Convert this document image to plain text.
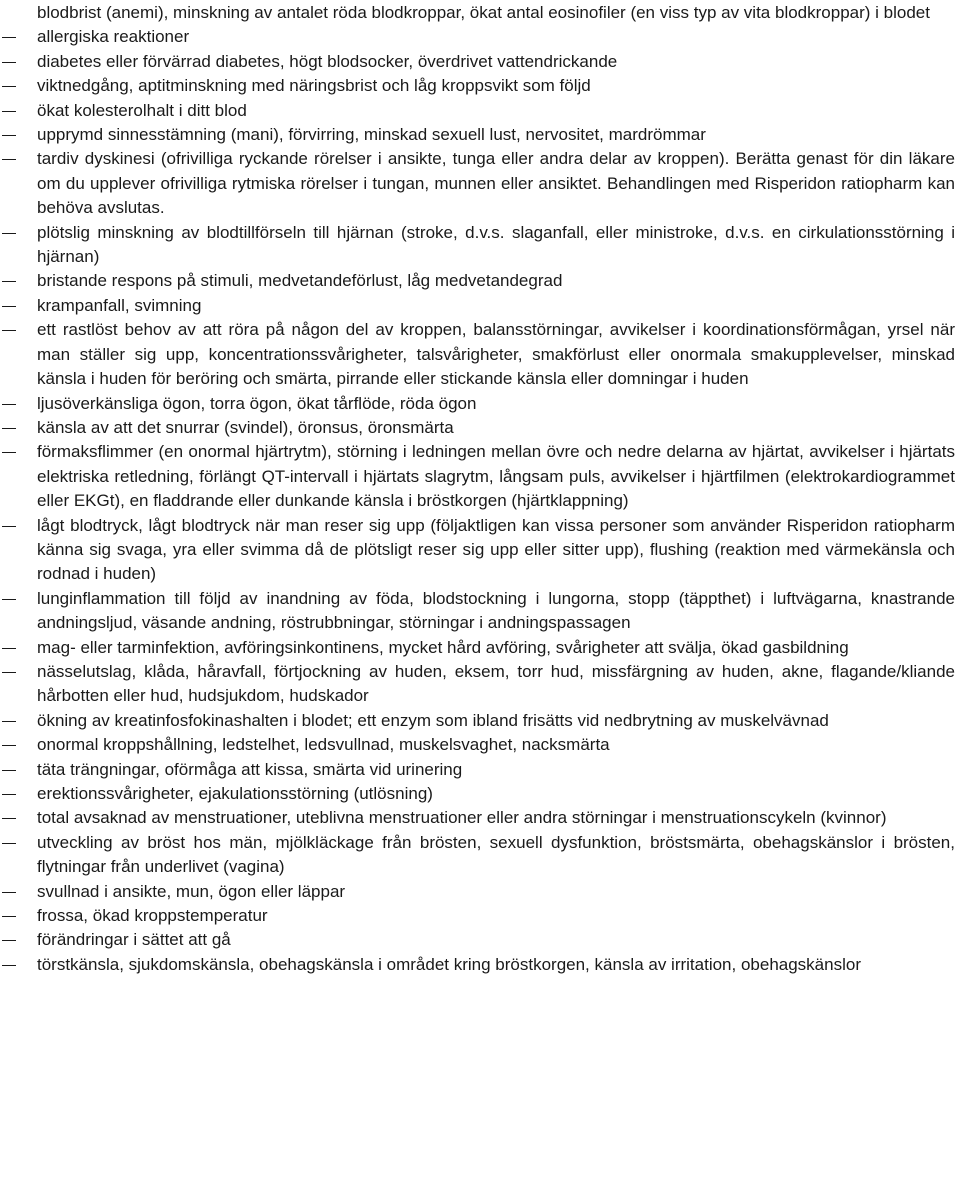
blodbrist (anemi), minskning av antalet röda blodkroppar, ökat antal eosinofiler (en viss typ av vita blodkroppar) i blodet
allergiska reaktioner
diabetes eller förvärrad diabetes, högt blodsocker, överdrivet vattendrickande
viktnedgång, aptitminskning med näringsbrist och låg kroppsvikt som följd
ökat kolesterolhalt i ditt blod
upprymd sinnesstämning (mani), förvirring, minskad sexuell lust, nervositet, mardrömmar
tardiv dyskinesi (ofrivilliga ryckande rörelser i ansikte, tunga eller andra delar av kroppen). Berätta genast för din läkare om du upplever ofrivilliga rytmiska rörelser i tungan, munnen eller ansiktet. Behandlingen med Risperidon ratiopharm kan behöva avslutas.
plötslig minskning av blodtillförseln till hjärnan (stroke, d.v.s. slaganfall, eller ministroke, d.v.s. en cirkulationsstörning i hjärnan)
bristande respons på stimuli, medvetandeförlust, låg medvetandegrad
krampanfall, svimning
ett rastlöst behov av att röra på någon del av kroppen, balansstörningar, avvikelser i koordinationsförmågan, yrsel när man ställer sig upp, koncentrationssvårigheter, talsvårigheter, smakförlust eller onormala smakupplevelser, minskad känsla i huden för beröring och smärta, pirrande eller stickande känsla eller domningar i huden
ljusöverkänsliga ögon, torra ögon, ökat tårflöde, röda ögon
känsla av att det snurrar (svindel), öronsus, öronsmärta
förmaksflimmer (en onormal hjärtrytm), störning i ledningen mellan övre och nedre delarna av hjärtat, avvikelser i hjärtats elektriska retledning, förlängt QT-intervall i hjärtats slagrytm, långsam puls, avvikelser i hjärtfilmen (elektrokardiogrammet eller EKGt), en fladdrande eller dunkande känsla i bröstkorgen (hjärtklappning)
lågt blodtryck, lågt blodtryck när man reser sig upp (följaktligen kan vissa personer som använder Risperidon ratiopharm känna sig svaga, yra eller svimma då de plötsligt reser sig upp eller sitter upp), flushing (reaktion med värmekänsla och rodnad i huden)
lunginflammation till följd av inandning av föda, blodstockning i lungorna, stopp (täppthet) i luftvägarna, knastrande andningsljud, väsande andning, röstrubbningar, störningar i andningspassagen
mag- eller tarminfektion, avföringsinkontinens, mycket hård avföring, svårigheter att svälja, ökad gasbildning
nässelutslag, klåda, håravfall, förtjockning av huden, eksem, torr hud, missfärgning av huden, akne, flagande/kliande hårbotten eller hud, hudsjukdom, hudskador
ökning av kreatinfosfokinashalten i blodet; ett enzym som ibland frisätts vid nedbrytning av muskelvävnad
onormal kroppshållning, ledstelhet, ledsvullnad, muskelsvaghet, nacksmärta
täta trängningar, oförmåga att kissa, smärta vid urinering
erektionssvårigheter, ejakulationsstörning (utlösning)
total avsaknad av menstruationer, uteblivna menstruationer eller andra störningar i menstruationscykeln (kvinnor)
utveckling av bröst hos män, mjölkläckage från brösten, sexuell dysfunktion, bröstsmärta, obehagskänslor i brösten, flytningar från underlivet (vagina)
svullnad i ansikte, mun, ögon eller läppar
frossa, ökad kroppstemperatur
förändringar i sättet att gå
törstkänsla, sjukdomskänsla, obehagskänsla i området kring bröstkorgen, känsla av irritation, obehagskänslor
